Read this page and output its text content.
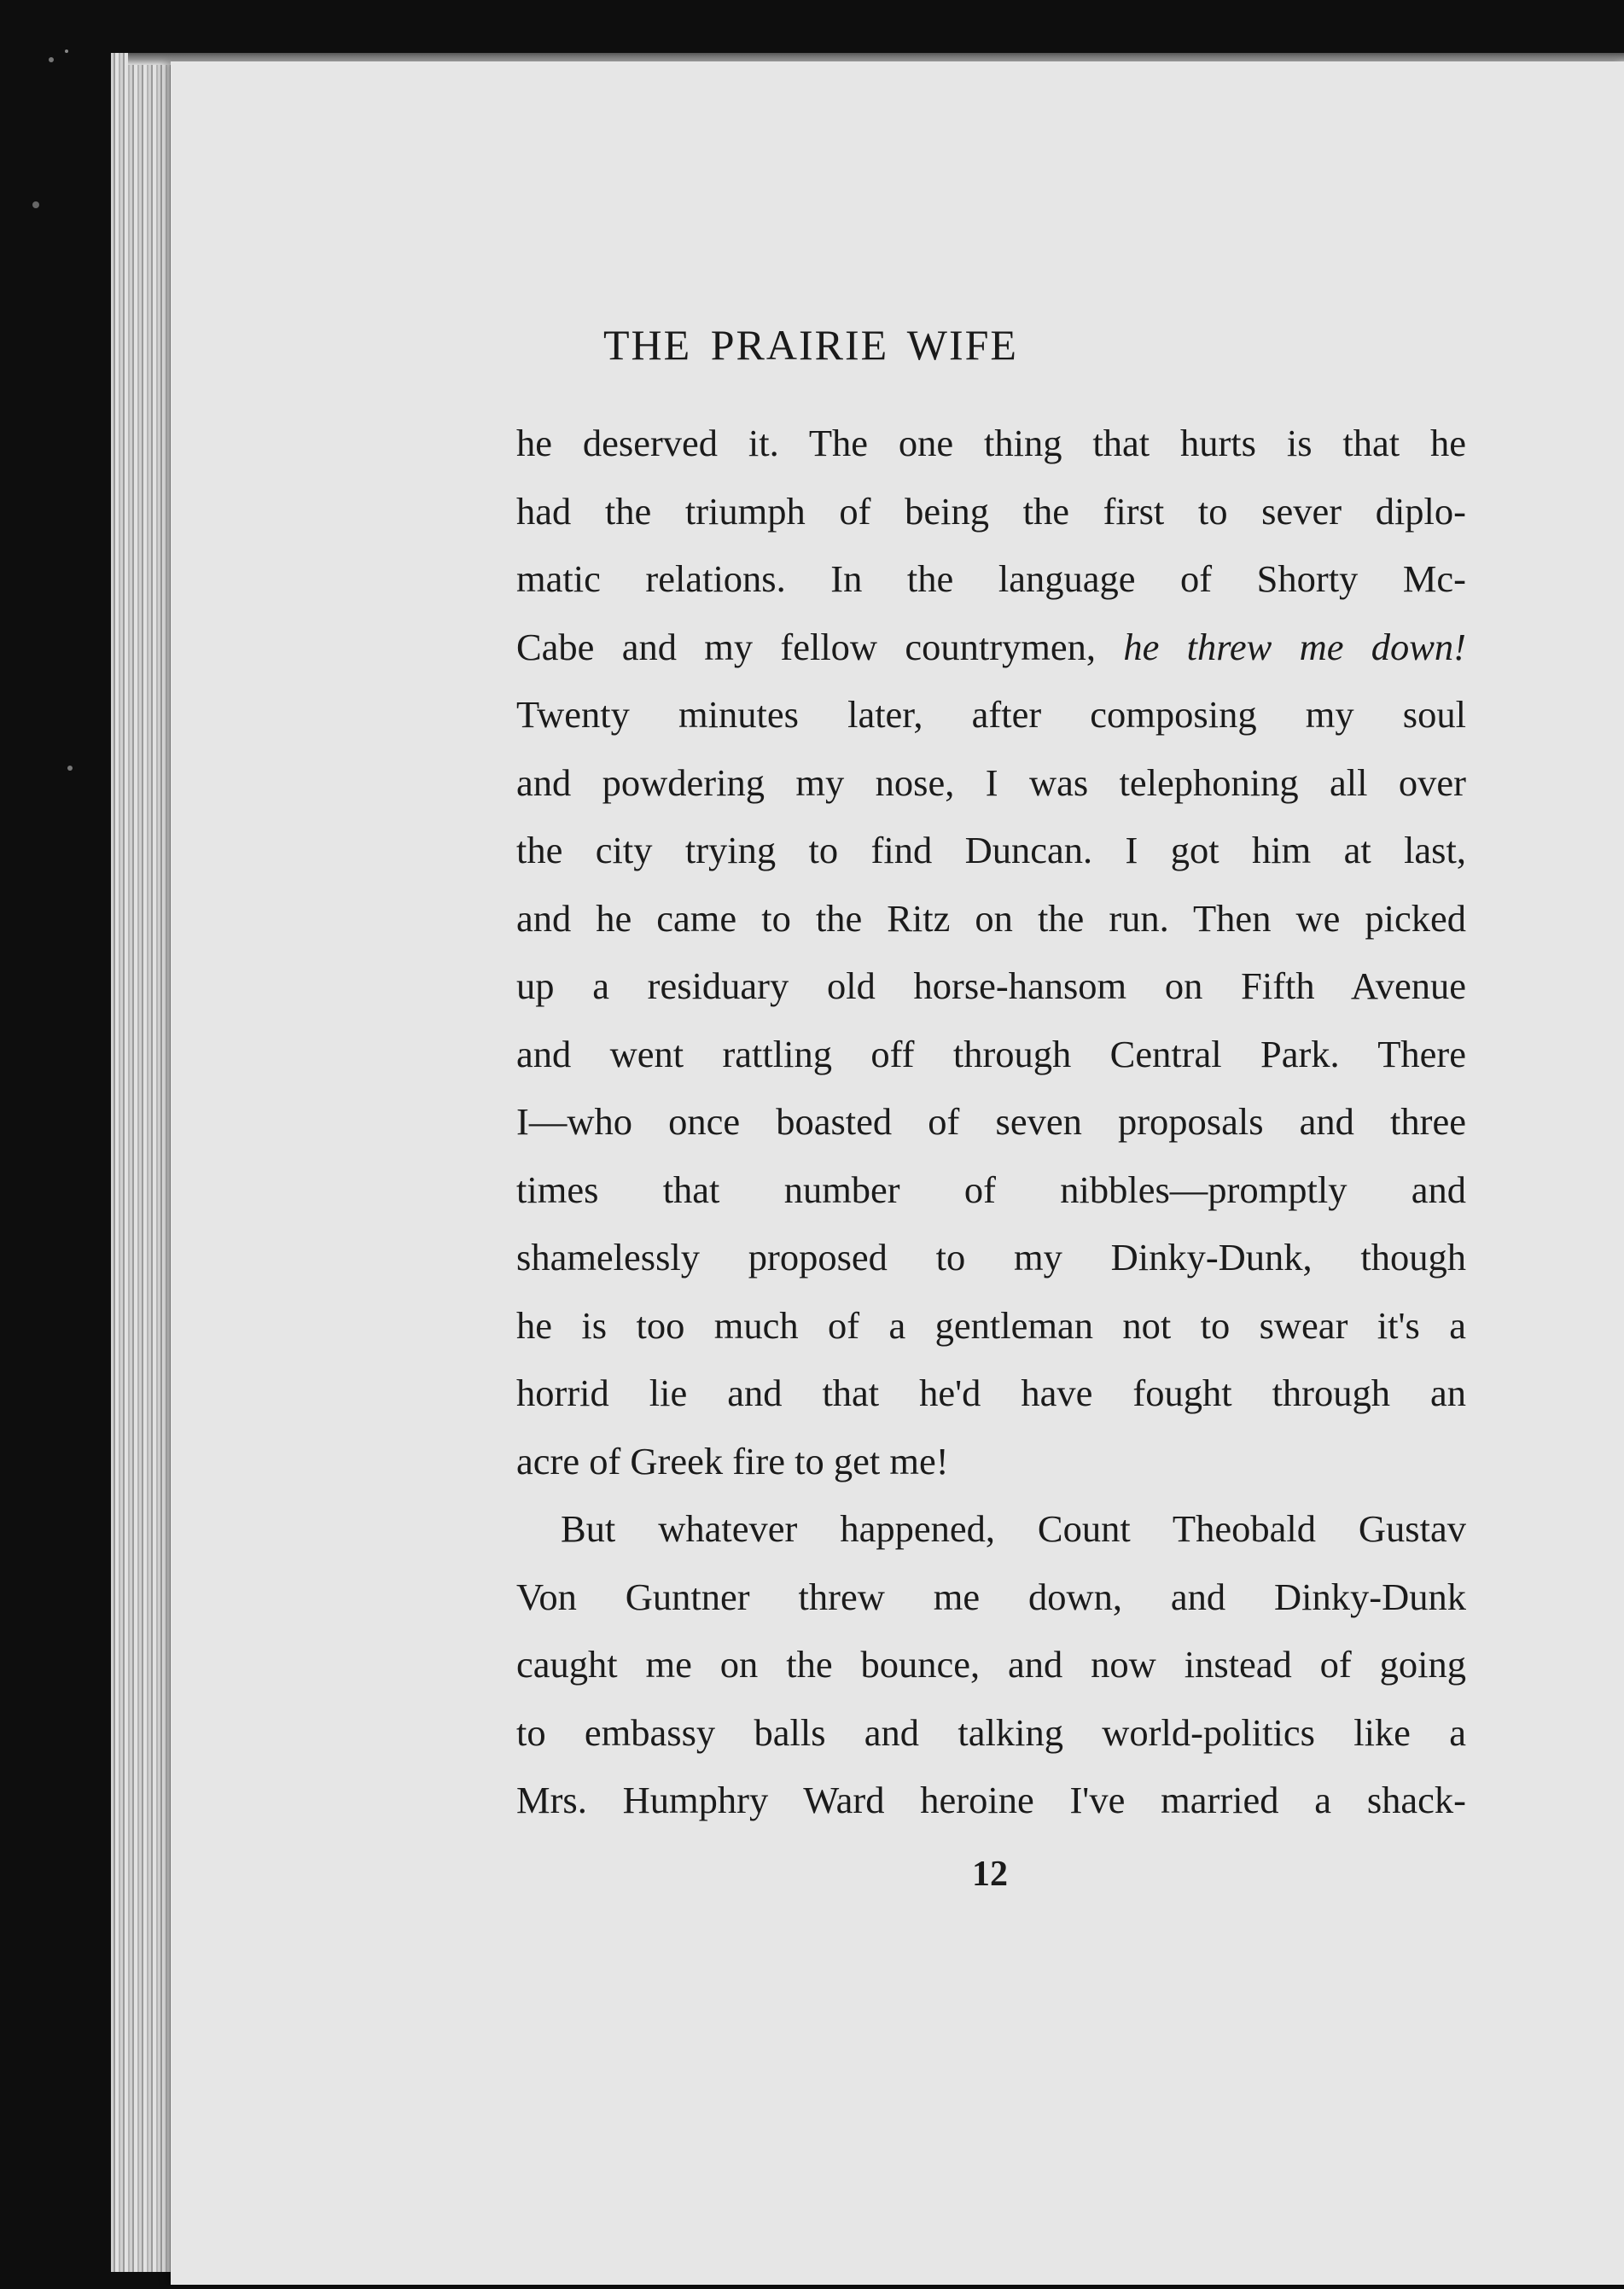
THE PRAIRIE WIFE
he deserved it. The one thing that hurts is that he
had the triumph of being the first to sever diplo-
matic relations. In the language of Shorty Mc-
Cabe and my fellow countrymen, he threw me down!
Twenty minutes later, after composing my soul
and powdering my nose, I was telephoning all over
the city trying to find Duncan. I got him at last,
and he came to the Ritz on the run. Then we picked
up a residuary old horse-hansom on Fifth Avenue
and went rattling off through Central Park. There
I—who once boasted of seven proposals and three
times that number of nibbles—promptly and
shamelessly proposed to my Dinky-Dunk, though
he is too much of a gentleman not to swear it's a
horrid lie and that he'd have fought through an
acre of Greek fire to get me!
But whatever happened, Count Theobald Gustav
Von Guntner threw me down, and Dinky-Dunk
caught me on the bounce, and now instead of going
to embassy balls and talking world-politics like a
Mrs. Humphry Ward heroine I've married a shack-
12
